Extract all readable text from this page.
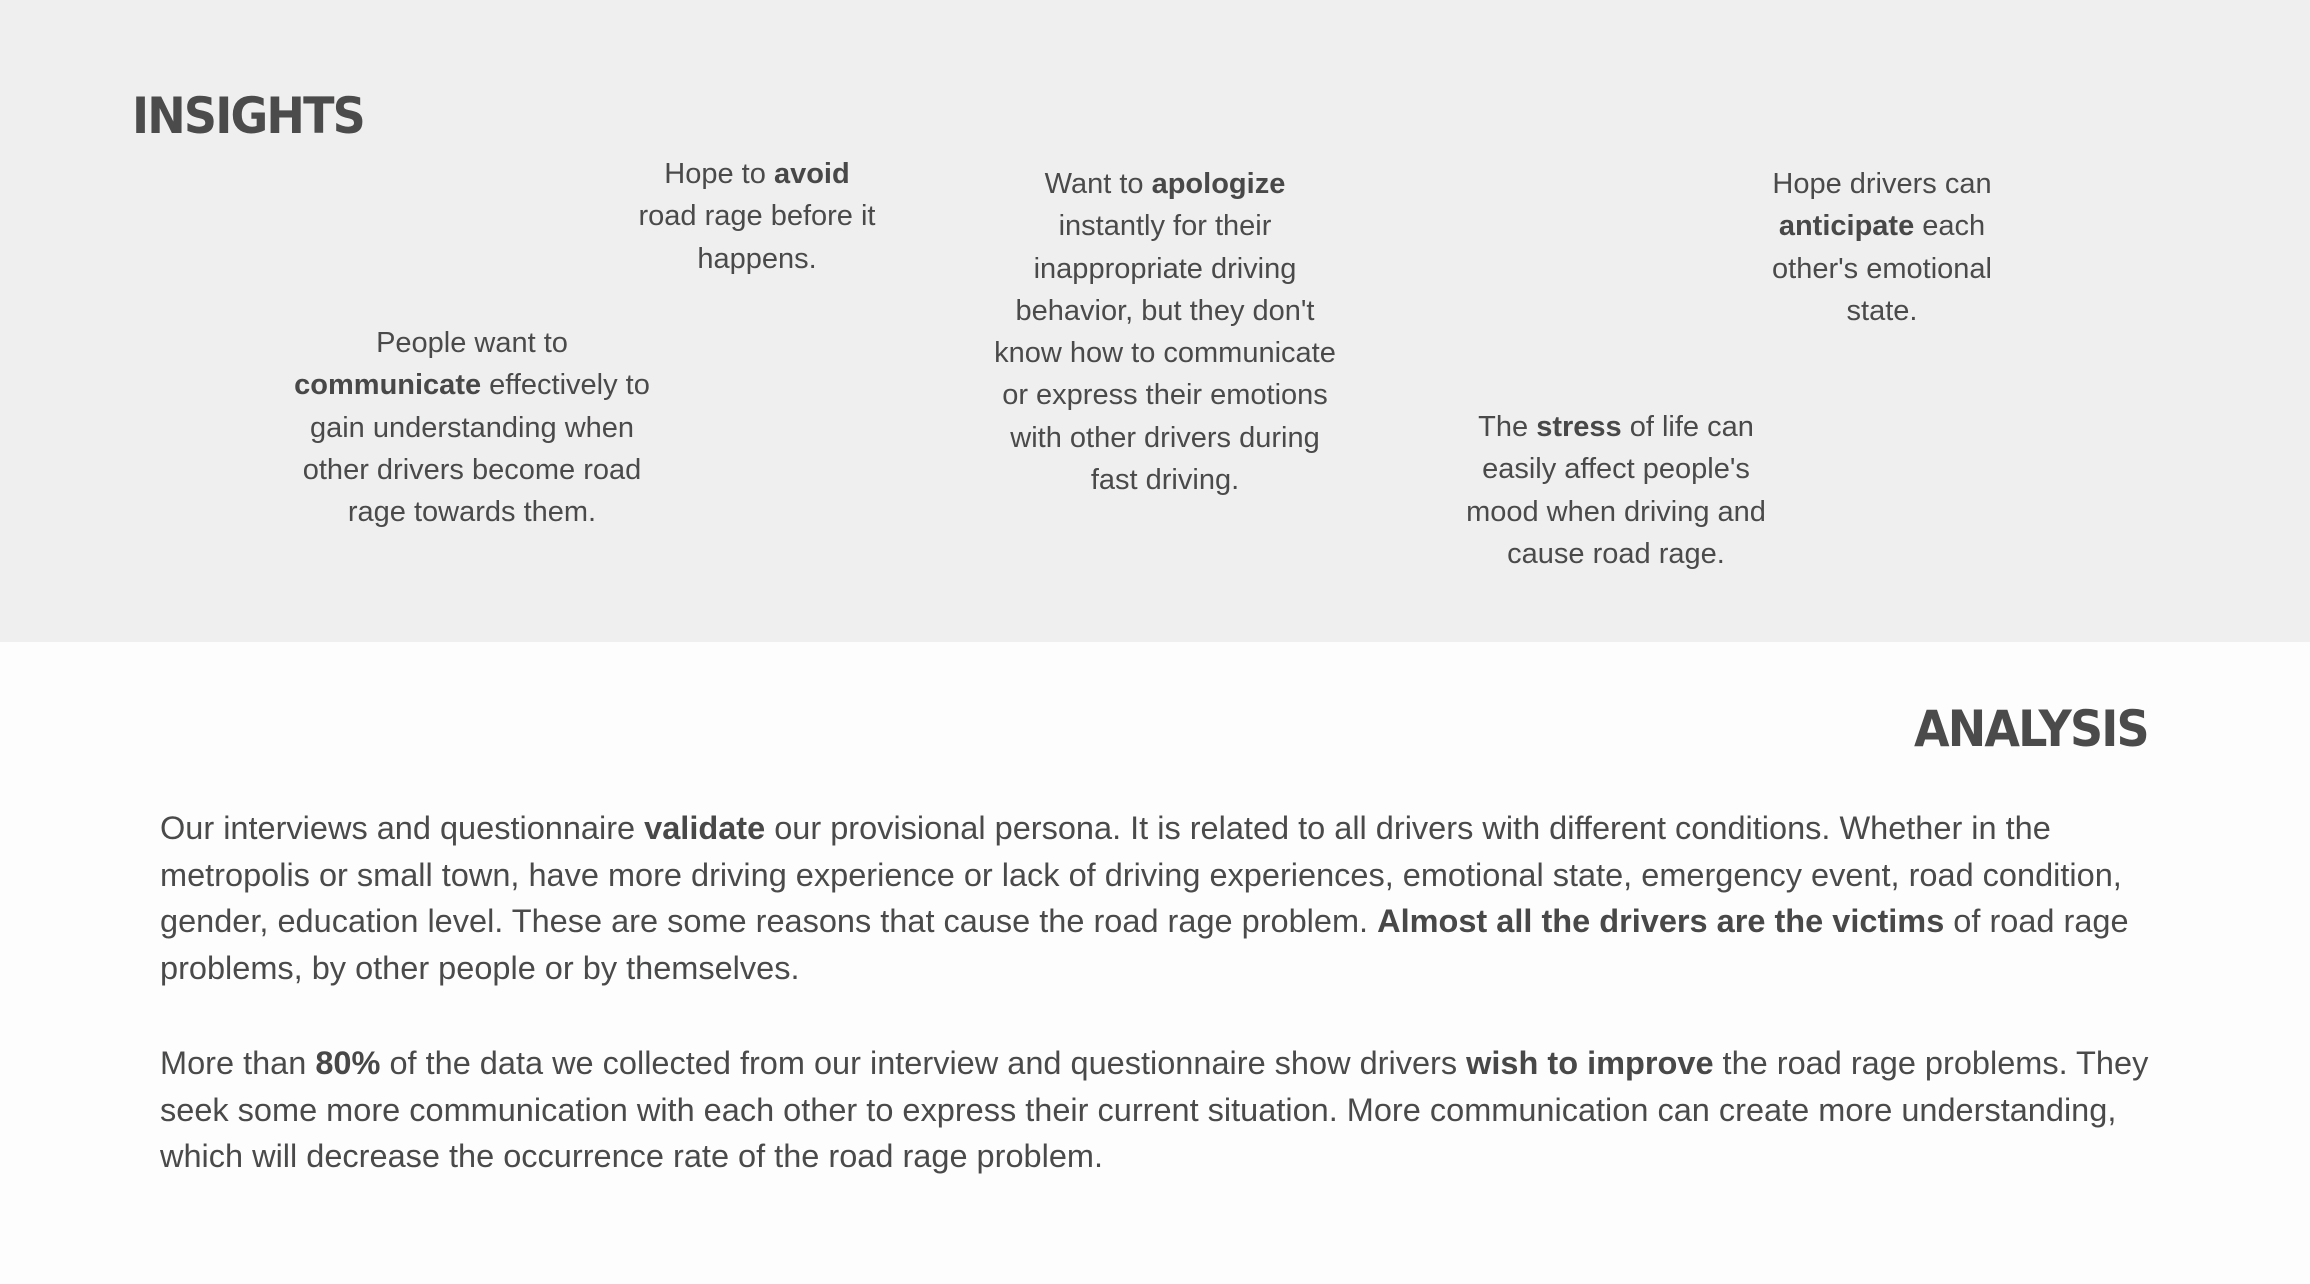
INSIGHTS
Hope to avoid
road rage before it
happens.
People want to
communicate effectively to
gain understanding when
other drivers become road
rage towards them.
Want to apologize
instantly for their
inappropriate driving
behavior, but they don't
know how to communicate
or express their emotions
with other drivers during
fast driving.
The stress of life can
easily affect people's
mood when driving and
cause road rage.
Hope drivers can
anticipate each
other's emotional
state.
ANALYSIS

Our interviews and questionnaire validate our provisional persona. It is related to all drivers with different conditions. Whether in the
metropolis or small town, have more driving experience or lack of driving experiences, emotional state, emergency event, road condition,
gender, education level. These are some reasons that cause the road rage problem. Almost all the drivers are the victims of road rage
problems, by other people or by themselves.

More than 80% of the data we collected from our interview and questionnaire show drivers wish to improve the road rage problems. They
seek some more communication with each other to express their current situation. More communication can create more understanding,
which will decrease the occurrence rate of the road rage problem.
